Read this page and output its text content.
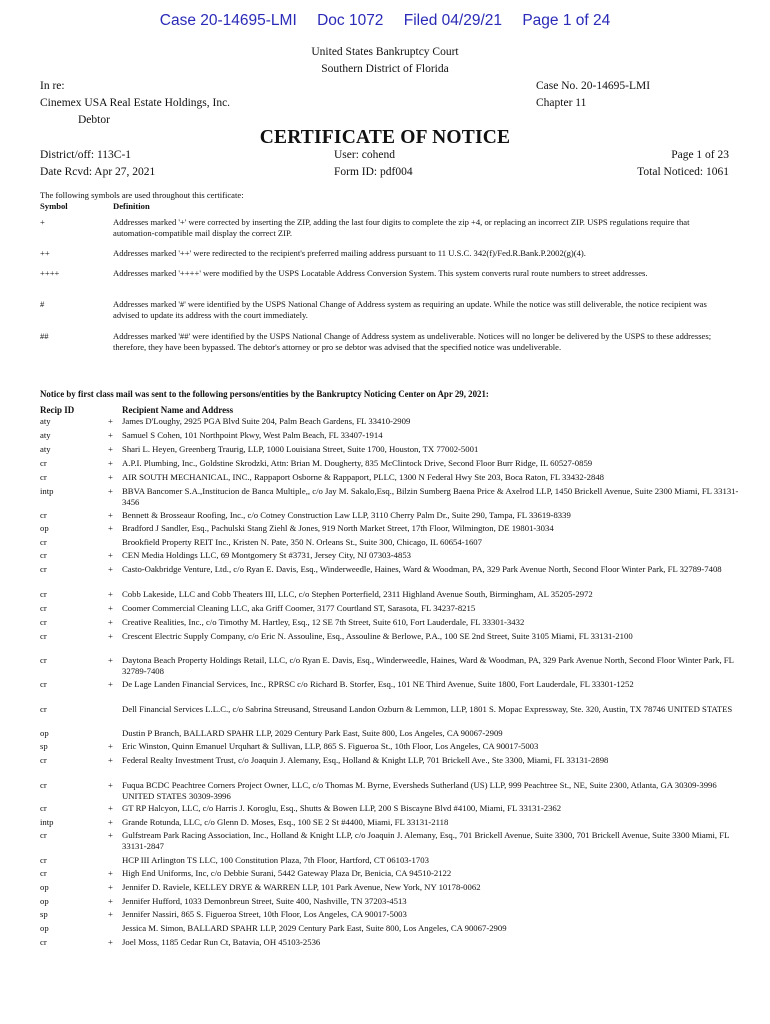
Case 20-14695-LMI Doc 1072 Filed 04/29/21 Page 1 of 24
United States Bankruptcy Court
Southern District of Florida
In re:
Cinemex USA Real Estate Holdings, Inc.
Debtor
Case No. 20-14695-LMI
Chapter 11
CERTIFICATE OF NOTICE
District/off: 113C-1
Date Rcvd: Apr 27, 2021
User: cohend
Form ID: pdf004
Page 1 of 23
Total Noticed: 1061
The following symbols are used throughout this certificate:
Symbol	Definition
+	Addresses marked '+' were corrected by inserting the ZIP, adding the last four digits to complete the zip +4, or replacing an incorrect ZIP. USPS regulations require that automation-compatible mail display the correct ZIP.
++	Addresses marked '++' were redirected to the recipient's preferred mailing address pursuant to 11 U.S.C. 342(f)/Fed.R.Bank.P.2002(g)(4).
++++	Addresses marked '++++' were modified by the USPS Locatable Address Conversion System. This system converts rural route numbers to street addresses.
#	Addresses marked '#' were identified by the USPS National Change of Address system as requiring an update. While the notice was still deliverable, the notice recipient was advised to update its address with the court immediately.
##	Addresses marked '##' were identified by the USPS National Change of Address system as undeliverable. Notices will no longer be delivered by the USPS to these addresses; therefore, they have been bypassed. The debtor's attorney or pro se debtor was advised that the specified notice was undeliverable.
Notice by first class mail was sent to the following persons/entities by the Bankruptcy Noticing Center on Apr 29, 2021:
Recip ID	Recipient Name and Address
aty	+ James D'Loughy, 2925 PGA Blvd Suite 204, Palm Beach Gardens, FL 33410-2909
aty	+ Samuel S Cohen, 101 Northpoint Pkwy, West Palm Beach, FL 33407-1914
aty	+ Shari L. Heyen, Greenberg Traurig, LLP, 1000 Louisiana Street, Suite 1700, Houston, TX 77002-5001
cr	+ A.P.I. Plumbing, Inc., Goldstine Skrodzki, Attn: Brian M. Dougherty, 835 McClintock Drive, Second Floor Burr Ridge, IL 60527-0859
cr	+ AIR SOUTH MECHANICAL, INC., Rappaport Osborne & Rappaport, PLLC, 1300 N Federal Hwy Ste 203, Boca Raton, FL 33432-2848
intp	+ BBVA Bancomer S.A.,Institucion de Banca Multiple,, c/o Jay M. Sakalo,Esq., Bilzin Sumberg Baena Price & Axelrod LLP, 1450 Brickell Avenue, Suite 2300 Miami, FL 33131-3456
cr	+ Bennett & Brosseaur Roofing, Inc., c/o Cotney Construction Law LLP, 3110 Cherry Palm Dr., Suite 290, Tampa, FL 33619-8339
op	+ Bradford J Sandler, Esq., Pachulski Stang Ziehl & Jones, 919 North Market Street, 17th Floor, Wilmington, DE 19801-3034
cr	Brookfield Property REIT Inc., Kristen N. Pate, 350 N. Orleans St., Suite 300, Chicago, IL 60654-1607
cr	+ CEN Media Holdings LLC, 69 Montgomery St #3731, Jersey City, NJ 07303-4853
cr	+ Casto-Oakbridge Venture, Ltd., c/o Ryan E. Davis, Esq., Winderweedle, Haines, Ward & Woodman, PA, 329 Park Avenue North, Second Floor Winter Park, FL 32789-7408
cr	+ Cobb Lakeside, LLC and Cobb Theaters III, LLC, c/o Stephen Porterfield, 2311 Highland Avenue South, Birmingham, AL 35205-2972
cr	+ Coomer Commercial Cleaning LLC, aka Griff Coomer, 3177 Courtland ST, Sarasota, FL 34237-8215
cr	+ Creative Realities, Inc., c/o Timothy M. Hartley, Esq., 12 SE 7th Street, Suite 610, Fort Lauderdale, FL 33301-3432
cr	+ Crescent Electric Supply Company, c/o Eric N. Assouline, Esq., Assouline & Berlowe, P.A., 100 SE 2nd Street, Suite 3105 Miami, FL 33131-2100
cr	+ Daytona Beach Property Holdings Retail, LLC, c/o Ryan E. Davis, Esq., Winderweedle, Haines, Ward & Woodman, PA, 329 Park Avenue North, Second Floor Winter Park, FL 32789-7408
cr	+ De Lage Landen Financial Services, Inc., RPRSC c/o Richard B. Storfer, Esq., 101 NE Third Avenue, Suite 1800, Fort Lauderdale, FL 33301-1252
cr	Dell Financial Services L.L.C., c/o Sabrina Streusand, Streusand Landon Ozburn & Lemmon, LLP, 1801 S. Mopac Expressway, Ste. 320, Austin, TX 78746 UNITED STATES
op	Dustin P Branch, BALLARD SPAHR LLP, 2029 Century Park East, Suite 800, Los Angeles, CA 90067-2909
sp	+ Eric Winston, Quinn Emanuel Urquhart & Sullivan, LLP, 865 S. Figueroa St., 10th Floor, Los Angeles, CA 90017-5003
cr	+ Federal Realty Investment Trust, c/o Joaquin J. Alemany, Esq., Holland & Knight LLP, 701 Brickell Ave., Ste 3300, Miami, FL 33131-2898
cr	+ Fuqua BCDC Peachtree Corners Project Owner, LLC, c/o Thomas M. Byrne, Eversheds Sutherland (US) LLP, 999 Peachtree St., NE, Suite 2300, Atlanta, GA 30309-3996 UNITED STATES 30309-3996
cr	+ GT RP Halcyon, LLC, c/o Harris J. Koroglu, Esq., Shutts & Bowen LLP, 200 S Biscayne Blvd #4100, Miami, FL 33131-2362
intp	+ Grande Rotunda, LLC, c/o Glenn D. Moses, Esq., 100 SE 2 St #4400, Miami, FL 33131-2118
cr	+ Gulfstream Park Racing Association, Inc., Holland & Knight LLP, c/o Joaquin J. Alemany, Esq., 701 Brickell Avenue, Suite 3300, 701 Brickell Avenue, Suite 3300 Miami, FL 33131-2847
cr	HCP III Arlington TS LLC, 100 Constitution Plaza, 7th Floor, Hartford, CT 06103-1703
cr	+ High End Uniforms, Inc, c/o Debbie Surani, 5442 Gateway Plaza Dr, Benicia, CA 94510-2122
op	+ Jennifer D. Raviele, KELLEY DRYE & WARREN LLP, 101 Park Avenue, New York, NY 10178-0062
op	+ Jennifer Hufford, 1033 Demonbreun Street, Suite 400, Nashville, TN 37203-4513
sp	+ Jennifer Nassiri, 865 S. Figueroa Street, 10th Floor, Los Angeles, CA 90017-5003
op	Jessica M. Simon, BALLARD SPAHR LLP, 2029 Century Park East, Suite 800, Los Angeles, CA 90067-2909
cr	+ Joel Moss, 1185 Cedar Run Ct, Batavia, OH 45103-2536
